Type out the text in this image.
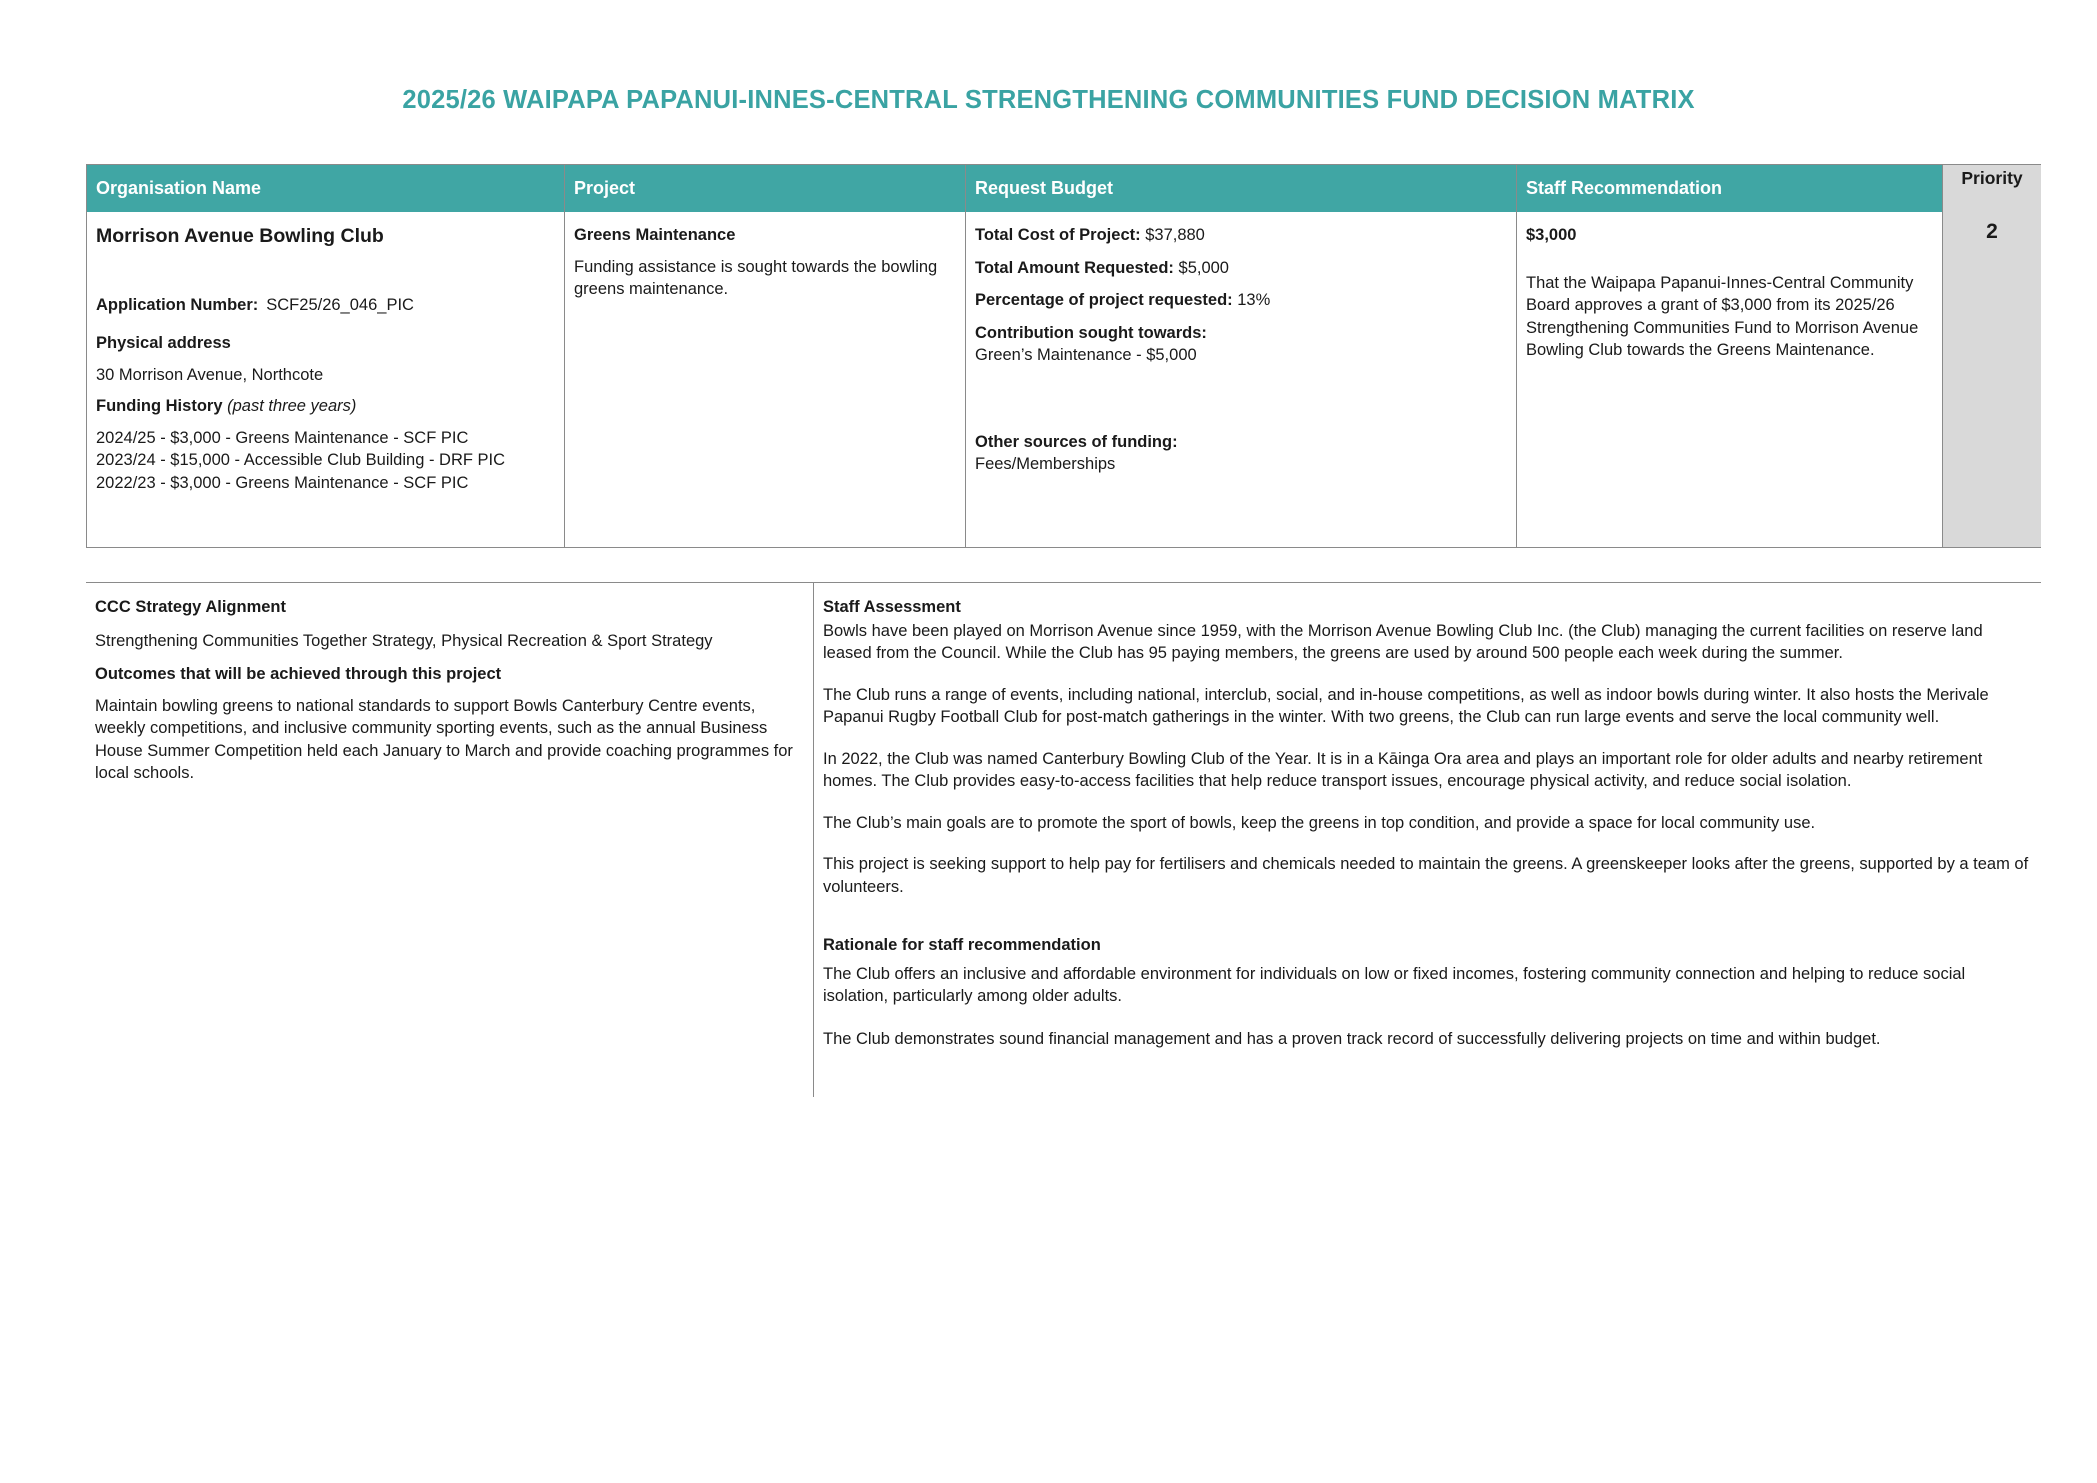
2025/26 WAIPAPA PAPANUI-INNES-CENTRAL STRENGTHENING COMMUNITIES FUND DECISION MATRIX
Organisation Name
Morrison Avenue Bowling Club
Application Number: SCF25/26_046_PIC
Physical address
30 Morrison Avenue, Northcote
Funding History (past three years)
2024/25 - $3,000 - Greens Maintenance - SCF PIC
2023/24 - $15,000 - Accessible Club Building - DRF PIC
2022/23 - $3,000 - Greens Maintenance - SCF PIC
Project
Greens Maintenance
Funding assistance is sought towards the bowling greens maintenance.
Request Budget

Total Cost of Project: $37,880

Total Amount Requested: $5,000

Percentage of project requested: 13%

Contribution sought towards:
Green’s Maintenance - $5,000
Other sources of funding:
Fees/Memberships
Staff Recommendation
$3,000
That the Waipapa Papanui-Innes-Central Community Board approves a grant of $3,000 from its 2025/26 Strengthening Communities Fund to Morrison Avenue Bowling Club towards the Greens Maintenance.
Priority
2
CCC Strategy Alignment
Strengthening Communities Together Strategy, Physical Recreation & Sport Strategy
Outcomes that will be achieved through this project
Maintain bowling greens to national standards to support Bowls Canterbury Centre events, weekly competitions, and inclusive community sporting events, such as the annual Business House Summer Competition held each January to March and provide coaching programmes for local schools.
Staff Assessment

Bowls have been played on Morrison Avenue since 1959, with the Morrison Avenue Bowling Club Inc. (the Club) managing the current facilities on reserve land leased from the Council. While the Club has 95 paying members, the greens are used by around 500 people each week during the summer.

The Club runs a range of events, including national, interclub, social, and in-house competitions, as well as indoor bowls during winter. It also hosts the Merivale Papanui Rugby Football Club for post-match gatherings in the winter. With two greens, the Club can run large events and serve the local community well.

In 2022, the Club was named Canterbury Bowling Club of the Year. It is in a Kāinga Ora area and plays an important role for older adults and nearby retirement homes. The Club provides easy-to-access facilities that help reduce transport issues, encourage physical activity, and reduce social isolation.

The Club’s main goals are to promote the sport of bowls, keep the greens in top condition, and provide a space for local community use.

This project is seeking support to help pay for fertilisers and chemicals needed to maintain the greens. A greenskeeper looks after the greens, supported by a team of volunteers.

Rationale for staff recommendation

The Club offers an inclusive and affordable environment for individuals on low or fixed incomes, fostering community connection and helping to reduce social isolation, particularly among older adults.

The Club demonstrates sound financial management and has a proven track record of successfully delivering projects on time and within budget.
